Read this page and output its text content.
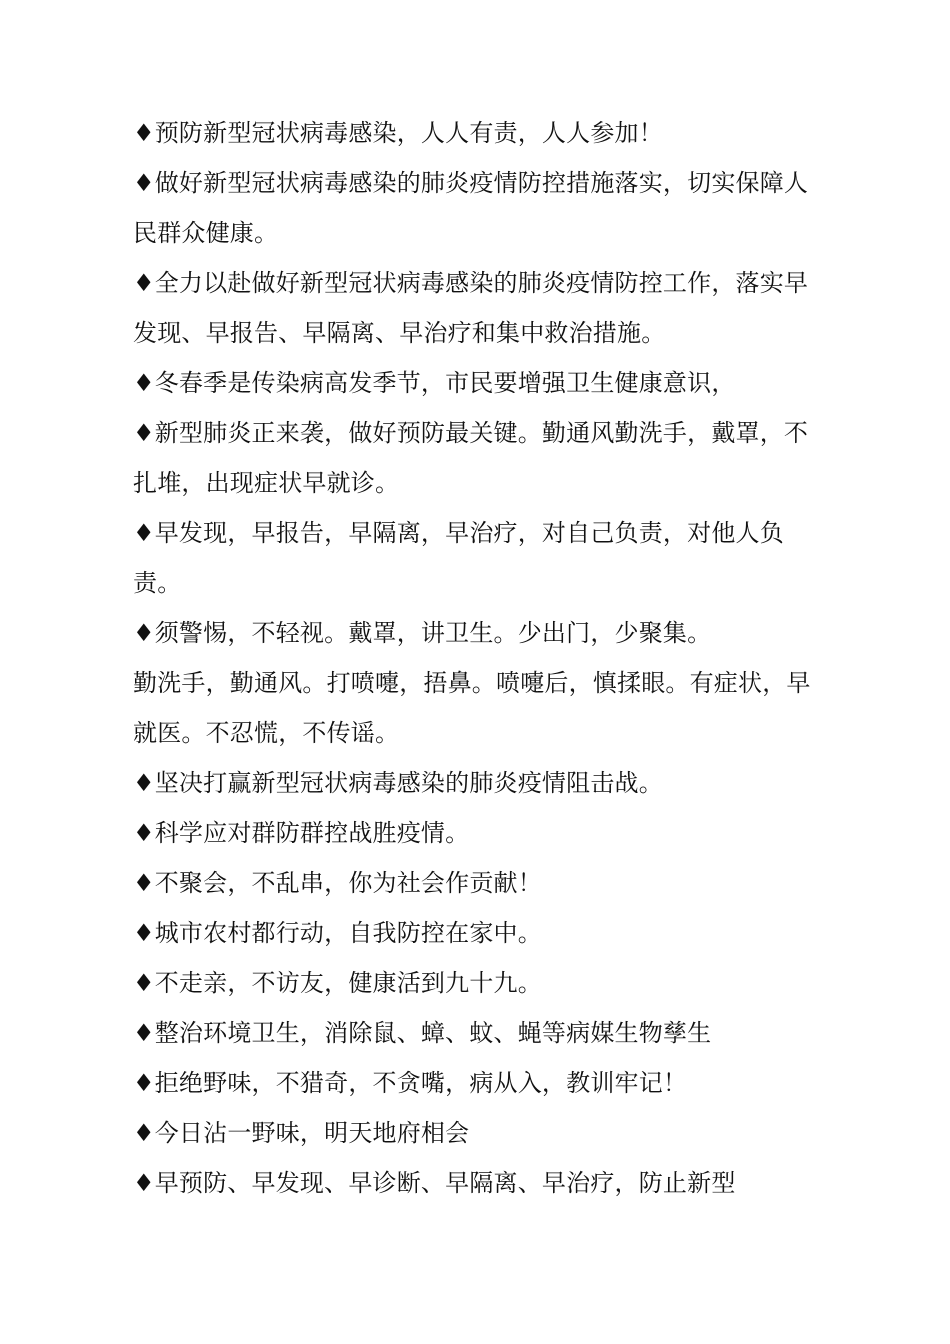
♦预防新型冠状病毒感染，人人有责，人人参加！
♦做好新型冠状病毒感染的肺炎疫情防控措施落实，切实保障人
民群众健康。
♦全力以赴做好新型冠状病毒感染的肺炎疫情防控工作，落实早
发现、早报告、早隔离、早治疗和集中救治措施。
♦冬春季是传染病高发季节，市民要增强卫生健康意识，
♦新型肺炎正来袭，做好预防最关键。勤通风勤洗手，戴罩，不
扎堆，出现症状早就诊。
♦早发现，早报告，早隔离，早治疗，对自己负责，对他人负
责。
♦须警惕，不轻视。戴罩，讲卫生。少出门，少聚集。
勤洗手，勤通风。打喷嚏，捂鼻。喷嚏后，慎揉眼。有症状，早
就医。不忍慌，不传谣。
♦坚决打赢新型冠状病毒感染的肺炎疫情阻击战。
♦科学应对群防群控战胜疫情。
♦不聚会，不乱串，你为社会作贡献！
♦城市农村都行动，自我防控在家中。
♦不走亲，不访友，健康活到九十九。
♦整治环境卫生，消除鼠、蟑、蚊、蝇等病媒生物孳生
♦拒绝野味，不猎奇，不贪嘴，病从入，教训牢记！
♦今日沾一野味，明天地府相会
♦早预防、早发现、早诊断、早隔离、早治疗，防止新型
